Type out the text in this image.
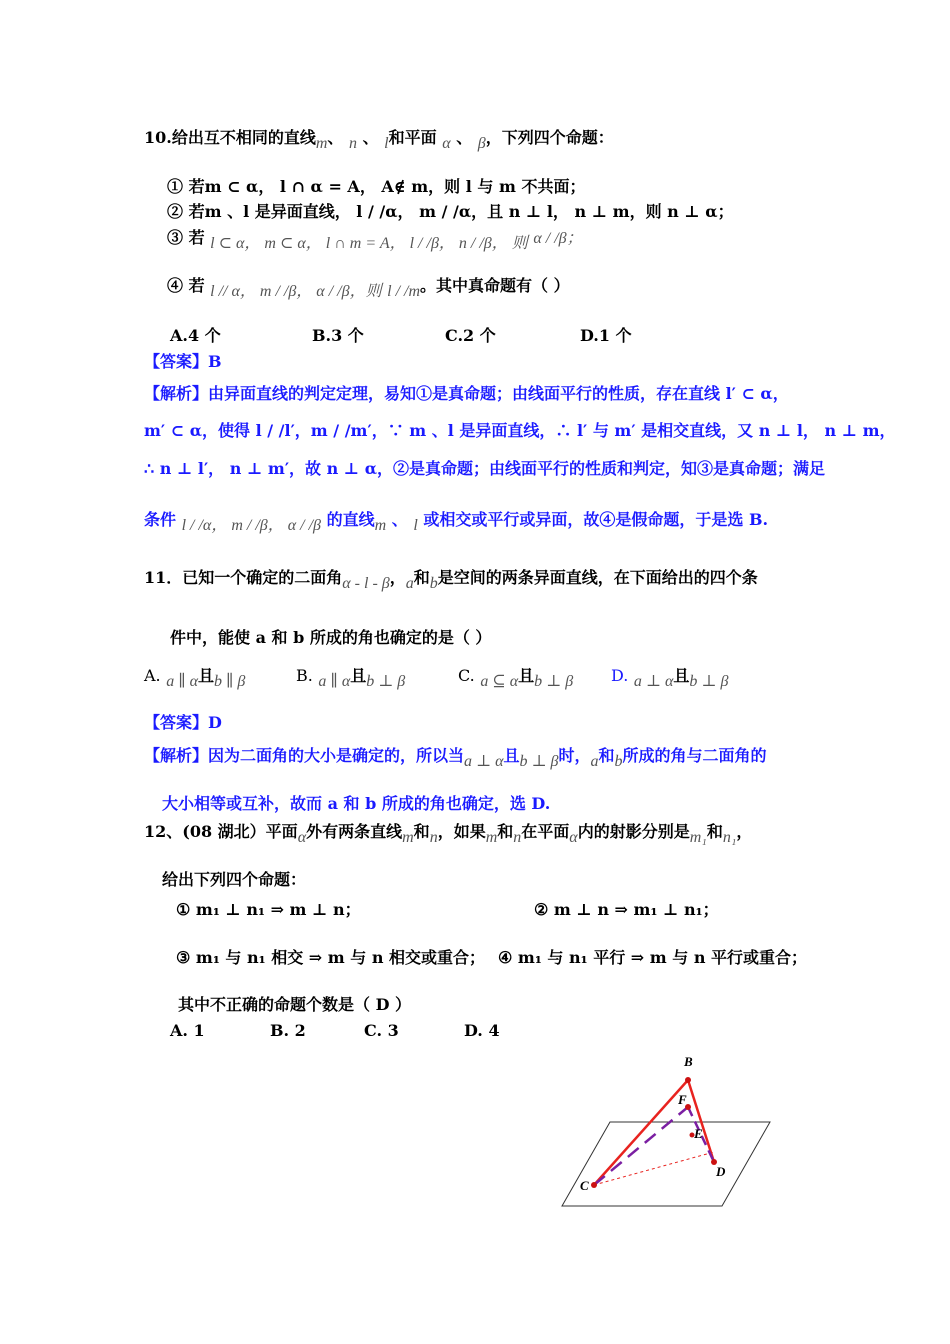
10.给出互不相同的直线m、 n 、 l和平面 α 、 β，下列四个命题：
① 若m ⊂ α， l ∩ α = A， A∉ m，则 l 与 m 不共面；
② 若m 、l 是异面直线， l / /α， m / /α，且 n ⊥ l， n ⊥ m，则 n ⊥ α；
③ 若 l ⊂ α， m ⊂ α， l ∩ m = A， l / /β， n / /β， 则 α / /β；
④ 若 l // α， m / /β， α / /β，则 l / /m。其中真命题有（ ）
A.4 个	B.3 个	C.2 个	D.1 个
【答案】B
【解析】由异面直线的判定定理，易知①是真命题；由线面平行的性质，存在直线 l′ ⊂ α，
m′ ⊂ α，使得 l / /l′，m / /m′，∵ m 、l 是异面直线，∴ l′ 与 m′ 是相交直线，又 n ⊥ l， n ⊥ m，
∴ n ⊥ l′， n ⊥ m′，故 n ⊥ α，②是真命题；由线面平行的性质和判定，知③是真命题；满足
条件 l / /α， m / /β， α / /β 的直线m 、 l 或相交或平行或异面，故④是假命题，于是选 B.
11．已知一个确定的二面角α - l - β，a和b是空间的两条异面直线，在下面给出的四个条
件中，能使 a 和 b 所成的角也确定的是（ ）
A. a ∥ α且b ∥ β	B. a ∥ α且b ⊥ β	C. a ⊆ α且b ⊥ β D. a ⊥ α且b ⊥ β
【答案】D
【解析】因为二面角的大小是确定的，所以当a ⊥ α且b ⊥ β时，a和b所成的角与二面角的
大小相等或互补，故而 a 和 b 所成的角也确定，选 D.
12、(08 湖北）平面α外有两条直线m和n，如果m和n在平面α内的射影分别是m₁和n₁，
给出下列四个命题：
① m₁ ⊥ n₁ ⇒ m ⊥ n；	② m ⊥ n ⇒ m₁ ⊥ n₁；
③ m₁ 与 n₁ 相交 ⇒ m 与 n 相交或重合； ④ m₁ 与 n₁ 平行 ⇒ m 与 n 平行或重合；
其中不正确的命题个数是（ D ）
A. 1	B. 2	C. 3	D. 4
B
F
E
C
D
